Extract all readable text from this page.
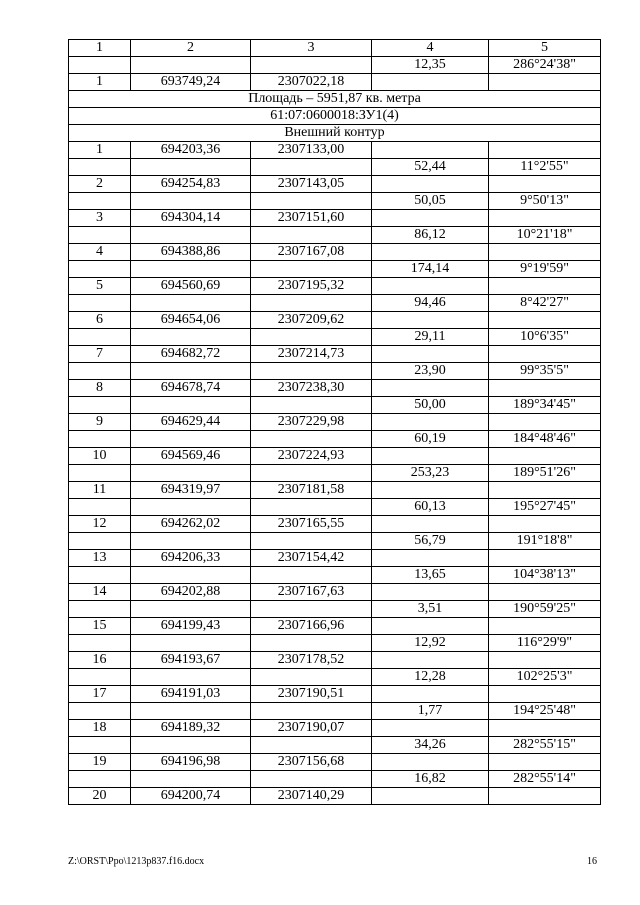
1	2	3	4	5
			12,35	286°24'38"
1	693749,24	2307022,18		
Площадь – 5951,87 кв. метра				
61:07:0600018:ЗУ1(4)				
Внешний контур				
1	694203,36	2307133,00		
			52,44	11°2'55"
2	694254,83	2307143,05		
			50,05	9°50'13"
3	694304,14	2307151,60		
			86,12	10°21'18"
4	694388,86	2307167,08		
			174,14	9°19'59"
5	694560,69	2307195,32		
			94,46	8°42'27"
6	694654,06	2307209,62		
			29,11	10°6'35"
7	694682,72	2307214,73		
			23,90	99°35'5"
8	694678,74	2307238,30		
			50,00	189°34'45"
9	694629,44	2307229,98		
			60,19	184°48'46"
10	694569,46	2307224,93		
			253,23	189°51'26"
11	694319,97	2307181,58		
			60,13	195°27'45"
12	694262,02	2307165,55		
			56,79	191°18'8"
13	694206,33	2307154,42		
			13,65	104°38'13"
14	694202,88	2307167,63		
			3,51	190°59'25"
15	694199,43	2307166,96		
			12,92	116°29'9"
16	694193,67	2307178,52		
			12,28	102°25'3"
17	694191,03	2307190,51		
			1,77	194°25'48"
18	694189,32	2307190,07		
			34,26	282°55'15"
19	694196,98	2307156,68		
			16,82	282°55'14"
20	694200,74	2307140,29		
Z:\ORST\Ppo\1213p837.f16.docx	16
